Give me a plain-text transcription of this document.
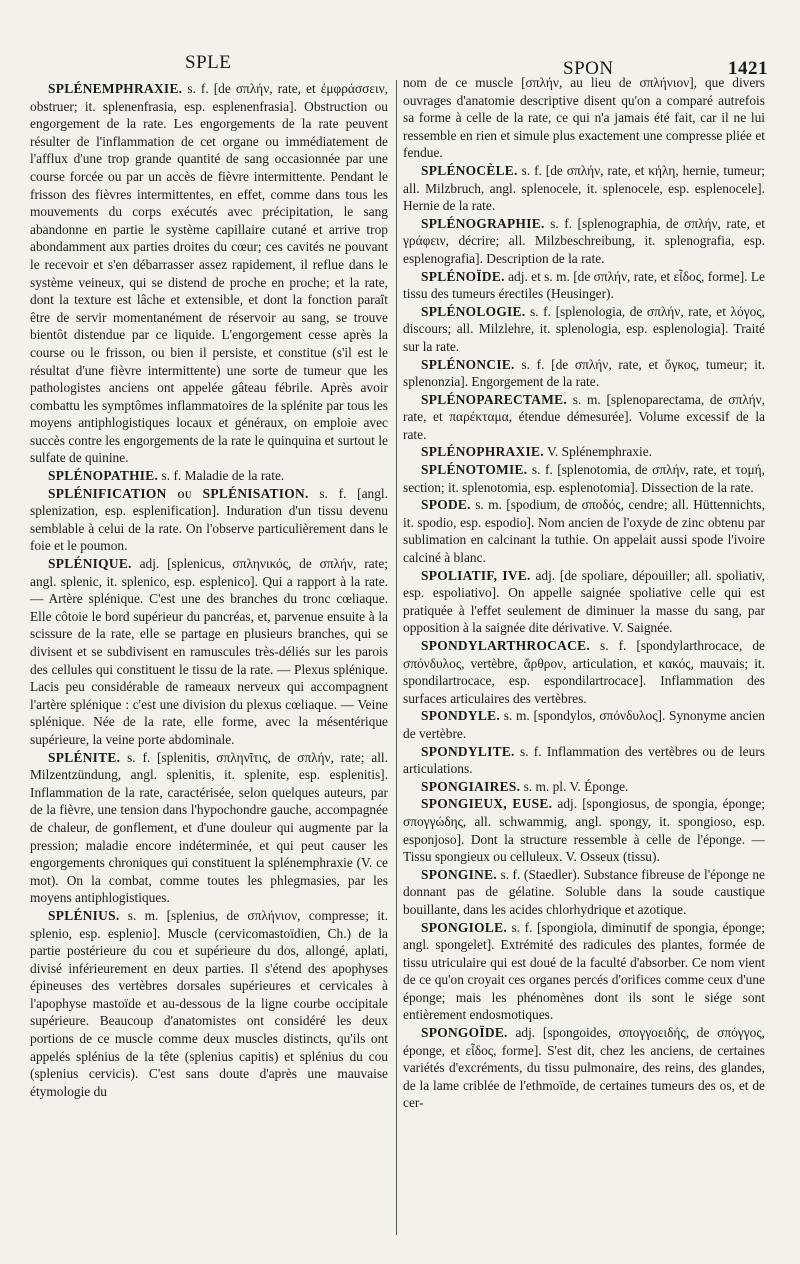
SPLE	SPON	1421

SPLÉNEMPHRAXIE. s. f. [de σπλήν, rate, et ἐμφράσσειν, obstruer; it. splenenfrasia, esp. esplenenfrasia]. Obstruction ou engorgement de la rate. Les engorgements de la rate peuvent résulter de l'inflammation de cet organe ou immédiatement de l'afflux d'une trop grande quantité de sang occasionnée par une course forcée ou par un accès de fièvre intermittente. Pendant le frisson des fièvres intermittentes, en effet, comme dans tous les mouvements du corps exécutés avec précipitation, le sang abandonne en partie le système capillaire cutané et arrive trop abondamment aux parties droites du cœur; ces cavités ne pouvant le recevoir et s'en débarrasser assez rapidement, il reflue dans le système veineux, qui se distend de proche en proche; et la rate, dont la texture est lâche et extensible, et dont la fonction paraît être de servir momentanément de réservoir au sang, se trouve bientôt distendue par ce liquide. L'engorgement cesse après la course ou le frisson, ou bien il persiste, et constitue (s'il est le résultat d'une fièvre intermittente) une sorte de tumeur que les pathologistes anciens ont appelée gâteau fébrile. Après avoir combattu les symptômes inflammatoires de la splénite par tous les moyens antiphlogistiques locaux et généraux, on emploie avec succès contre les engorgements de la rate le quinquina et surtout le sulfate de quinine.

SPLÉNOPATHIE. s. f. Maladie de la rate.

SPLÉNIFICATION ou SPLÉNISATION. s. f. [angl. splenization, esp. esplenification]. Induration d'un tissu devenu semblable à celui de la rate. On l'observe particulièrement dans le foie et le poumon.

SPLÉNIQUE. adj. [splenicus, σπληνικός, de σπλήν, rate; angl. splenic, it. splenico, esp. esplenico]. Qui a rapport à la rate. — Artère splénique. C'est une des branches du tronc cœliaque. Elle côtoie le bord supérieur du pancréas, et, parvenue ensuite à la scissure de la rate, elle se partage en plusieurs branches, qui se divisent et se subdivisent en ramuscules très-déliés sur les parois des cellules qui constituent le tissu de la rate. — Plexus splénique. Lacis peu considérable de rameaux nerveux qui accompagnent l'artère splénique : c'est une division du plexus cœliaque. — Veine splénique. Née de la rate, elle forme, avec la mésentérique supérieure, la veine porte abdominale.

SPLÉNITE. s. f. [splenitis, σπληνῖτις, de σπλήν, rate; all. Milzentzündung, angl. splenitis, it. splenite, esp. esplenitis]. Inflammation de la rate, caractérisée, selon quelques auteurs, par de la fièvre, une tension dans l'hypochondre gauche, accompagnée de chaleur, de gonflement, et d'une douleur qui augmente par la pression; maladie encore indéterminée, et qui peut causer les engorgements chroniques qui constituent la splénemphraxie (V. ce mot). On la combat, comme toutes les phlegmasies, par les moyens antiphlogistiques.

SPLÉNIUS. s. m. [splenius, de σπλήνιον, compresse; it. splenio, esp. esplenio]. Muscle (cervicomastoïdien, Ch.) de la partie postérieure du cou et supérieure du dos, allongé, aplati, divisé inférieurement en deux parties. Il s'étend des apophyses épineuses des vertèbres dorsales supérieures et cervicales à l'apophyse mastoïde et au-dessous de la ligne courbe occipitale supérieure. Beaucoup d'anatomistes ont considéré les deux portions de ce muscle comme deux muscles distincts, qu'ils ont appelés splénius de la tête (splenius capitis) et splénius du cou (splenius cervicis). C'est sans doute d'après une mauvaise étymologie du

nom de ce muscle [σπλήν, au lieu de σπλήνιον], que divers ouvrages d'anatomie descriptive disent qu'on a comparé autrefois sa forme à celle de la rate, ce qui n'a jamais été fait, car il ne lui ressemble en rien et simule plus exactement une compresse pliée et fendue.

SPLÉNOCÈLE. s. f. [de σπλήν, rate, et κήλη, hernie, tumeur; all. Milzbruch, angl. splenocele, it. splenocele, esp. esplenocele]. Hernie de la rate.

SPLÉNOGRAPHIE. s. f. [splenographia, de σπλήν, rate, et γράφειν, décrire; all. Milzbeschreibung, it. splenografia, esp. esplenografia]. Description de la rate.

SPLÉNOÏDE. adj. et s. m. [de σπλήν, rate, et εἶδος, forme]. Le tissu des tumeurs érectiles (Heusinger).

SPLÉNOLOGIE. s. f. [splenologia, de σπλήν, rate, et λόγος, discours; all. Milzlehre, it. splenologia, esp. esplenologia]. Traité sur la rate.

SPLÉNONCIE. s. f. [de σπλήν, rate, et ὄγκος, tumeur; it. splenonzia]. Engorgement de la rate.

SPLÉNOPARECTAME. s. m. [splenoparectama, de σπλήν, rate, et παρέκταμα, étendue démesurée]. Volume excessif de la rate.

SPLÉNOPHRAXIE. V. Splénemphraxie.

SPLÉNOTOMIE. s. f. [splenotomia, de σπλήν, rate, et τομή, section; it. splenotomia, esp. esplenotomia]. Dissection de la rate.

SPODE. s. m. [spodium, de σποδός, cendre; all. Hüttennichts, it. spodio, esp. espodio]. Nom ancien de l'oxyde de zinc obtenu par sublimation en calcinant la tuthie. On appelait aussi spode l'ivoire calciné à blanc.

SPOLIATIF, IVE. adj. [de spoliare, dépouiller; all. spoliativ, esp. espoliativo]. On appelle saignée spoliative celle qui est pratiquée à l'effet seulement de diminuer la masse du sang, par opposition à la saignée dite dérivative. V. Saignée.

SPONDYLARTHROCACE. s. f. [spondylarthrocace, de σπόνδυλος, vertèbre, ἄρθρον, articulation, et κακός, mauvais; it. spondilartrocace, esp. espondilartrocace]. Inflammation des surfaces articulaires des vertèbres.

SPONDYLE. s. m. [spondylos, σπόνδυλος]. Synonyme ancien de vertèbre.

SPONDYLITE. s. f. Inflammation des vertèbres ou de leurs articulations.

SPONGIAIRES. s. m. pl. V. Éponge.

SPONGIEUX, EUSE. adj. [spongiosus, de spongia, éponge; σπογγώδης, all. schwammig, angl. spongy, it. spongioso, esp. esponjoso]. Dont la structure ressemble à celle de l'éponge. — Tissu spongieux ou celluleux. V. Osseux (tissu).

SPONGINE. s. f. (Staedler). Substance fibreuse de l'éponge ne donnant pas de gélatine. Soluble dans la soude caustique bouillante, dans les acides chlorhydrique et azotique.

SPONGIOLE. s. f. [spongiola, diminutif de spongia, éponge; angl. spongelet]. Extrémité des radicules des plantes, formée de tissu utriculaire qui est doué de la faculté d'absorber. Ce nom vient de ce qu'on croyait ces organes percés d'orifices comme ceux d'une éponge; mais les phénomènes dont ils sont le siége sont entièrement endosmotiques.

SPONGOÏDE. adj. [spongoides, σπογγοειδής, de σπόγγος, éponge, et εἶδος, forme]. S'est dit, chez les anciens, de certaines variétés d'excréments, du tissu pulmonaire, des reins, des glandes, de la lame criblée de l'ethmoïde, de certaines tumeurs des os, et de cer-
